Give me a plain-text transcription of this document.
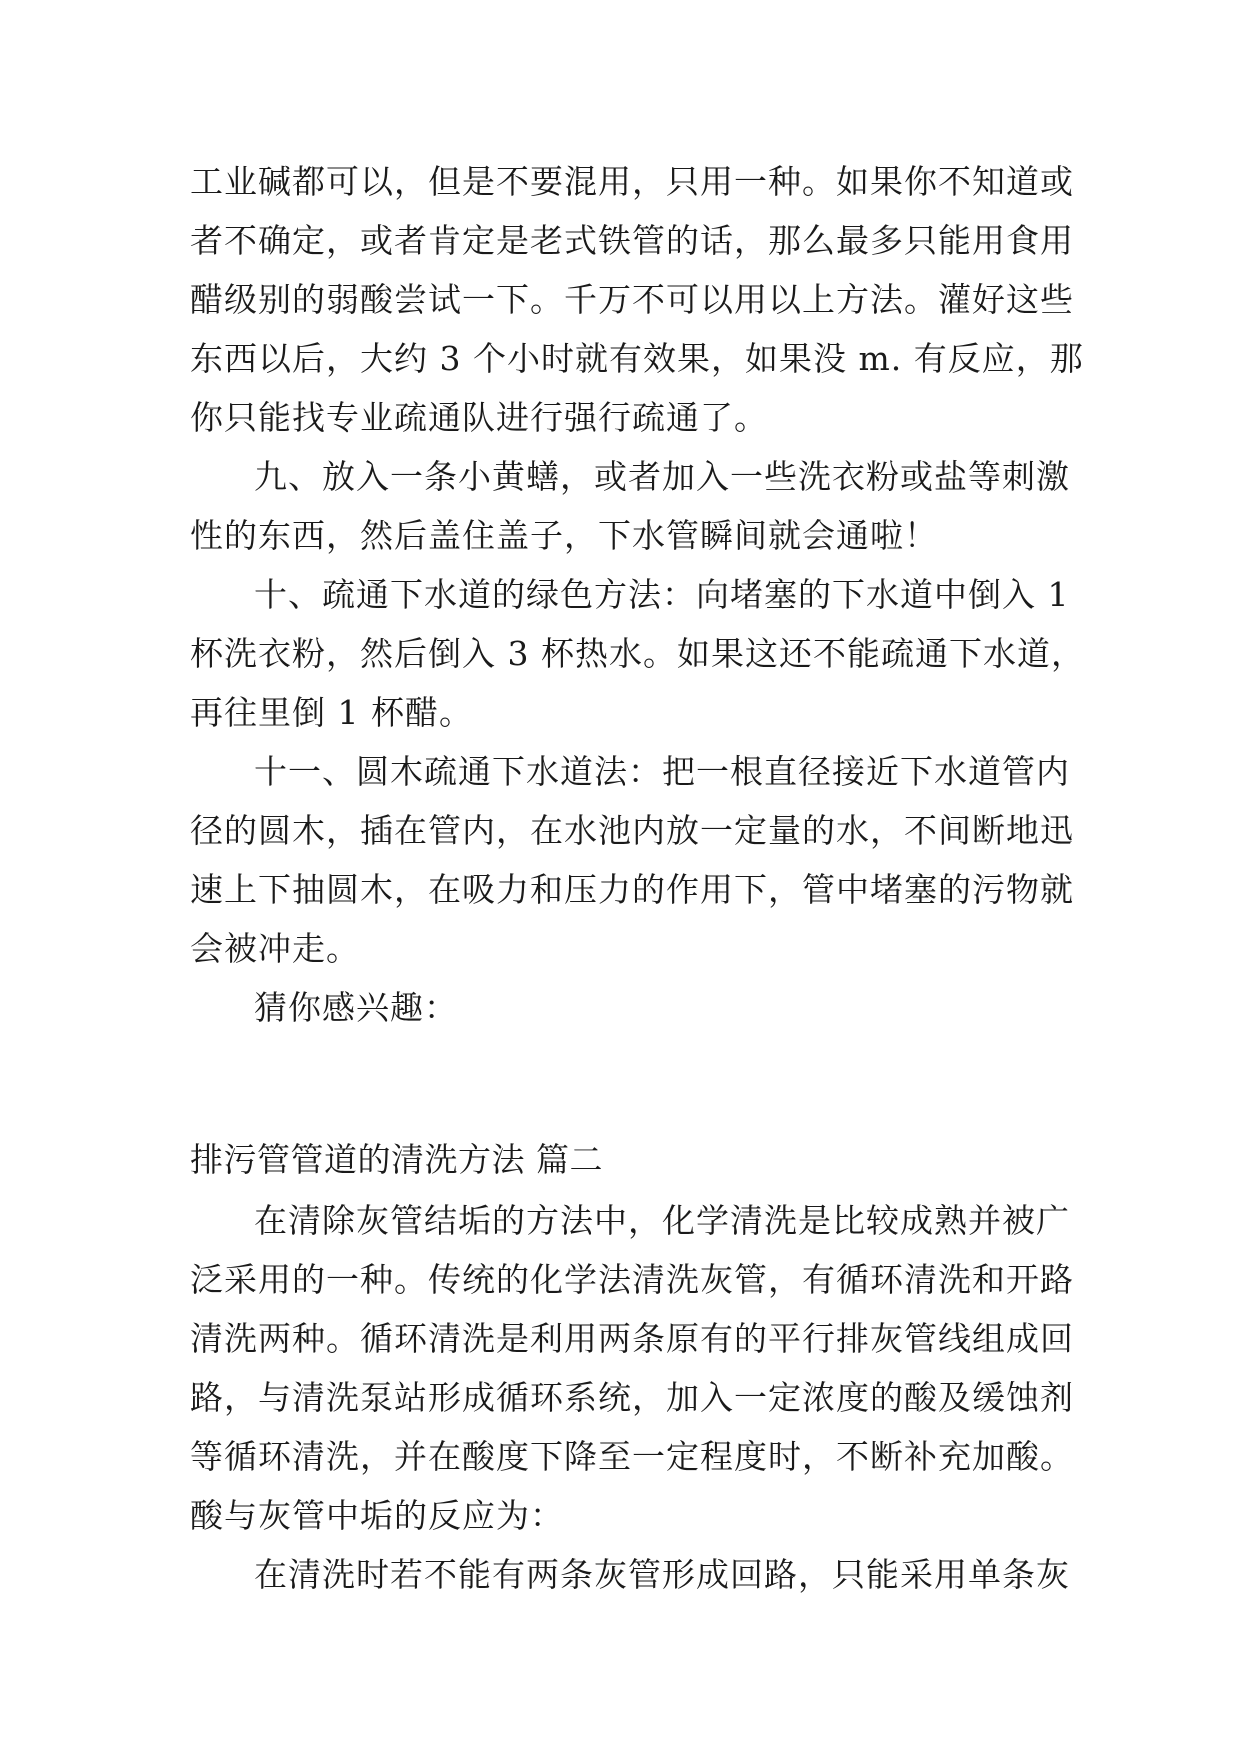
工业碱都可以，但是不要混用，只用一种。如果你不知道或
者不确定，或者肯定是老式铁管的话，那么最多只能用食用
醋级别的弱酸尝试一下。千万不可以用以上方法。灌好这些
东西以后，大约 3 个小时就有效果，如果没 m. 有反应，那
你只能找专业疏通队进行强行疏通了。
九、放入一条小黄蟮，或者加入一些洗衣粉或盐等刺激
性的东西，然后盖住盖子，下水管瞬间就会通啦！
十、疏通下水道的绿色方法：向堵塞的下水道中倒入 1
杯洗衣粉，然后倒入 3 杯热水。如果这还不能疏通下水道，
再往里倒 1 杯醋。
十一、圆木疏通下水道法：把一根直径接近下水道管内
径的圆木，插在管内，在水池内放一定量的水，不间断地迅
速上下抽圆木，在吸力和压力的作用下，管中堵塞的污物就
会被冲走。
猜你感兴趣：
排污管管道的清洗方法 篇二
在清除灰管结垢的方法中，化学清洗是比较成熟并被广
泛采用的一种。传统的化学法清洗灰管，有循环清洗和开路
清洗两种。循环清洗是利用两条原有的平行排灰管线组成回
路，与清洗泵站形成循环系统，加入一定浓度的酸及缓蚀剂
等循环清洗，并在酸度下降至一定程度时，不断补充加酸。
酸与灰管中垢的反应为：
在清洗时若不能有两条灰管形成回路，只能采用单条灰
